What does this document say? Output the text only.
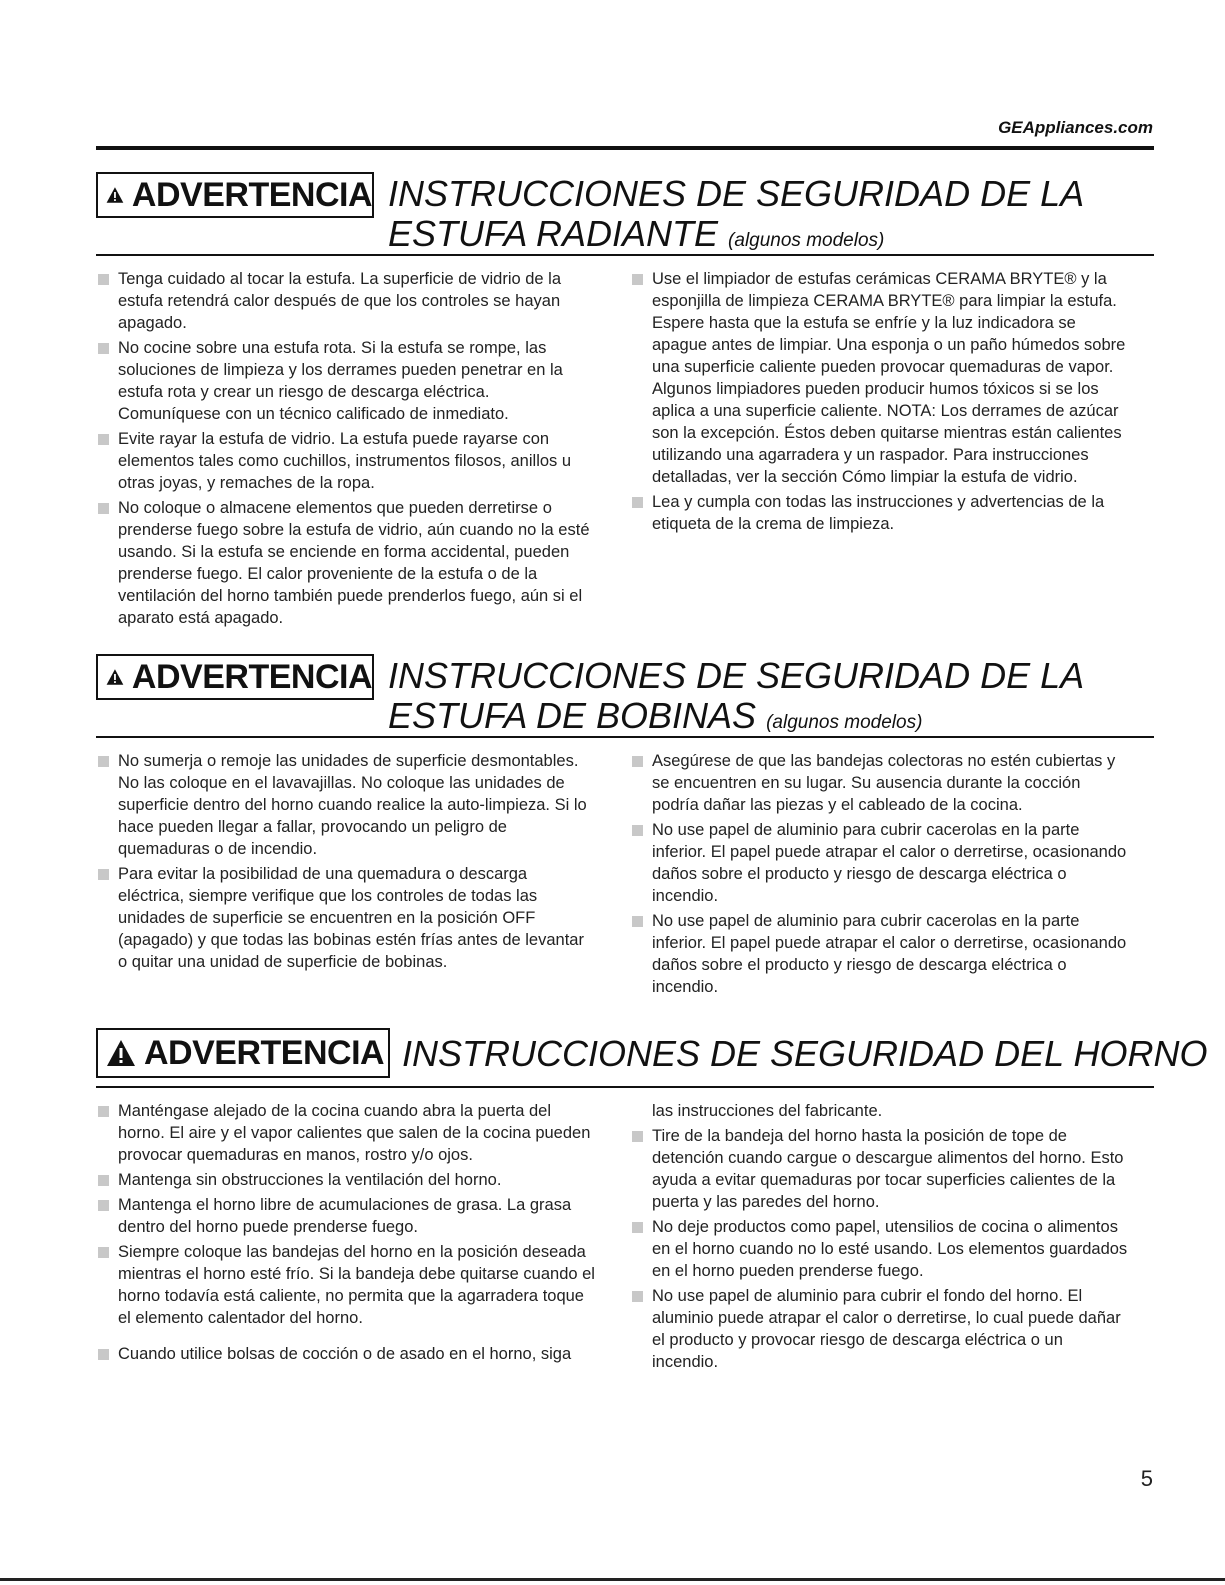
GEAppliances.com
ADVERTENCIA INSTRUCCIONES DE SEGURIDAD DE LA
ESTUFA RADIANTE (algunos modelos)
Tenga cuidado al tocar la estufa. La superficie de vidrio de la estufa retendrá calor después de que los controles se hayan apagado.
No cocine sobre una estufa rota. Si la estufa se rompe, las soluciones de limpieza y los derrames pueden penetrar en la estufa rota y crear un riesgo de descarga eléctrica. Comuníquese con un técnico calificado de inmediato.
Evite rayar la estufa de vidrio. La estufa puede rayarse con elementos tales como cuchillos, instrumentos filosos, anillos u otras joyas, y remaches de la ropa.
No coloque o almacene elementos que pueden derretirse o prenderse fuego sobre la estufa de vidrio, aún cuando no la esté usando. Si la estufa se enciende en forma accidental, pueden prenderse fuego. El calor proveniente de la estufa o de la ventilación del horno también puede prenderlos fuego, aún si el aparato está apagado.
Use el limpiador de estufas cerámicas CERAMA BRYTE® y la esponjilla de limpieza CERAMA BRYTE® para limpiar la estufa. Espere hasta que la estufa se enfríe y la luz indicadora se apague antes de limpiar. Una esponja o un paño húmedos sobre una superficie caliente pueden provocar quemaduras de vapor. Algunos limpiadores pueden producir humos tóxicos si se los aplica a una superficie caliente. NOTA: Los derrames de azúcar son la excepción. Éstos deben quitarse mientras están calientes utilizando una agarradera y un raspador. Para instrucciones detalladas, ver la sección Cómo limpiar la estufa de vidrio.
Lea y cumpla con todas las instrucciones y advertencias de la etiqueta de la crema de limpieza.
ADVERTENCIA INSTRUCCIONES DE SEGURIDAD DE LA
ESTUFA DE BOBINAS (algunos modelos)
No sumerja o remoje las unidades de superficie desmontables. No las coloque en el lavavajillas. No coloque las unidades de superficie dentro del horno cuando realice la auto-limpieza. Si lo hace pueden llegar a fallar, provocando un peligro de quemaduras o de incendio.
Para evitar la posibilidad de una quemadura o descarga eléctrica, siempre verifique que los controles de todas las unidades de superficie se encuentren en la posición OFF (apagado) y que todas las bobinas estén frías antes de levantar o quitar una unidad de superficie de bobinas.
Asegúrese de que las bandejas colectoras no estén cubiertas y se encuentren en su lugar. Su ausencia durante la cocción podría dañar las piezas y el cableado de la cocina.
No use papel de aluminio para cubrir cacerolas en la parte inferior. El papel puede atrapar el calor o derretirse, ocasionando daños sobre el producto y riesgo de descarga eléctrica o incendio.
No use papel de aluminio para cubrir cacerolas en la parte inferior. El papel puede atrapar el calor o derretirse, ocasionando daños sobre el producto y riesgo de descarga eléctrica o incendio.
ADVERTENCIA INSTRUCCIONES DE SEGURIDAD DEL HORNO
Manténgase alejado de la cocina cuando abra la puerta del horno. El aire y el vapor calientes que salen de la cocina pueden provocar quemaduras en manos, rostro y/o ojos.
Mantenga sin obstrucciones la ventilación del horno.
Mantenga el horno libre de acumulaciones de grasa. La grasa dentro del horno puede prenderse fuego.
Siempre coloque las bandejas del horno en la posición deseada mientras el horno esté frío. Si la bandeja debe quitarse cuando el horno todavía está caliente, no permita que la agarradera toque el elemento calentador del horno.
Cuando utilice bolsas de cocción o de asado en el horno, siga
las instrucciones del fabricante.
Tire de la bandeja del horno hasta la posición de tope de detención cuando cargue o descargue alimentos del horno. Esto ayuda a evitar quemaduras por tocar superficies calientes de la puerta y las paredes del horno.
No deje productos como papel, utensilios de cocina o alimentos en el horno cuando no lo esté usando. Los elementos guardados en el horno pueden prenderse fuego.
No use papel de aluminio para cubrir el fondo del horno. El aluminio puede atrapar el calor o derretirse, lo cual puede dañar el producto y provocar riesgo de descarga eléctrica o un incendio.
5
